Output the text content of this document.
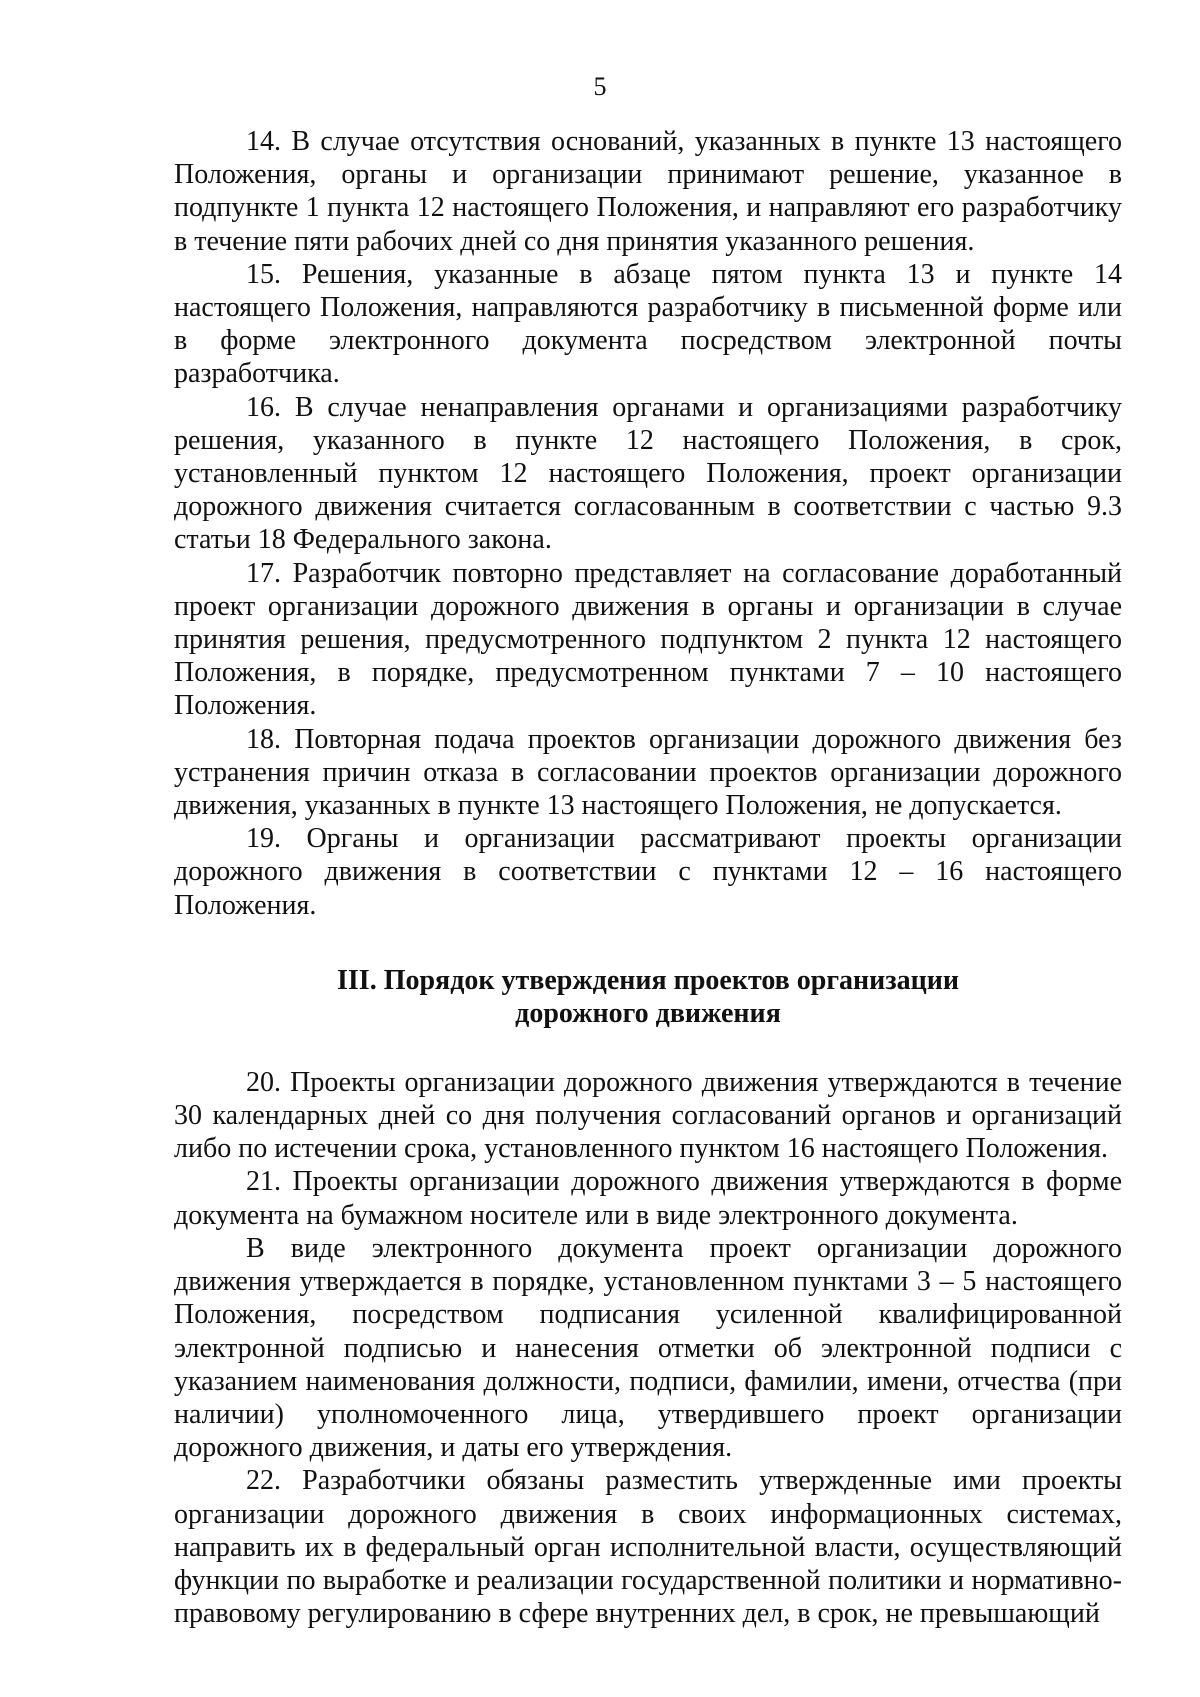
5

14. В случае отсутствия оснований, указанных в пункте 13 настоящего Положения, органы и организации принимают решение, указанное в подпункте 1 пункта 12 настоящего Положения, и направляют его разработчику в течение пяти рабочих дней со дня принятия указанного решения.

15. Решения, указанные в абзаце пятом пункта 13 и пункте 14 настоящего Положения, направляются разработчику в письменной форме или в форме электронного документа посредством электронной почты разработчика.

16. В случае ненаправления органами и организациями разработчику решения, указанного в пункте 12 настоящего Положения, в срок, установленный пунктом 12 настоящего Положения, проект организации дорожного движения считается согласованным в соответствии с частью 9.3 статьи 18 Федерального закона.

17. Разработчик повторно представляет на согласование доработанный проект организации дорожного движения в органы и организации в случае принятия решения, предусмотренного подпунктом 2 пункта 12 настоящего Положения, в порядке, предусмотренном пунктами 7 – 10 настоящего Положения.

18. Повторная подача проектов организации дорожного движения без устранения причин отказа в согласовании проектов организации дорожного движения, указанных в пункте 13 настоящего Положения, не допускается.

19. Органы и организации рассматривают проекты организации дорожного движения в соответствии с пунктами 12 – 16 настоящего Положения.

III. Порядок утверждения проектов организации
дорожного движения

20. Проекты организации дорожного движения утверждаются в течение 30 календарных дней со дня получения согласований органов и организаций либо по истечении срока, установленного пунктом 16 настоящего Положения.

21. Проекты организации дорожного движения утверждаются в форме документа на бумажном носителе или в виде электронного документа.

В виде электронного документа проект организации дорожного движения утверждается в порядке, установленном пунктами 3 – 5 настоящего Положения, посредством подписания усиленной квалифицированной электронной подписью и нанесения отметки об электронной подписи с указанием наименования должности, подписи, фамилии, имени, отчества (при наличии) уполномоченного лица, утвердившего проект организации дорожного движения, и даты его утверждения.

22. Разработчики обязаны разместить утвержденные ими проекты организации дорожного движения в своих информационных системах, направить их в федеральный орган исполнительной власти, осуществляющий функции по выработке и реализации государственной политики и нормативно-правовому регулированию в сфере внутренних дел, в срок, не превышающий
